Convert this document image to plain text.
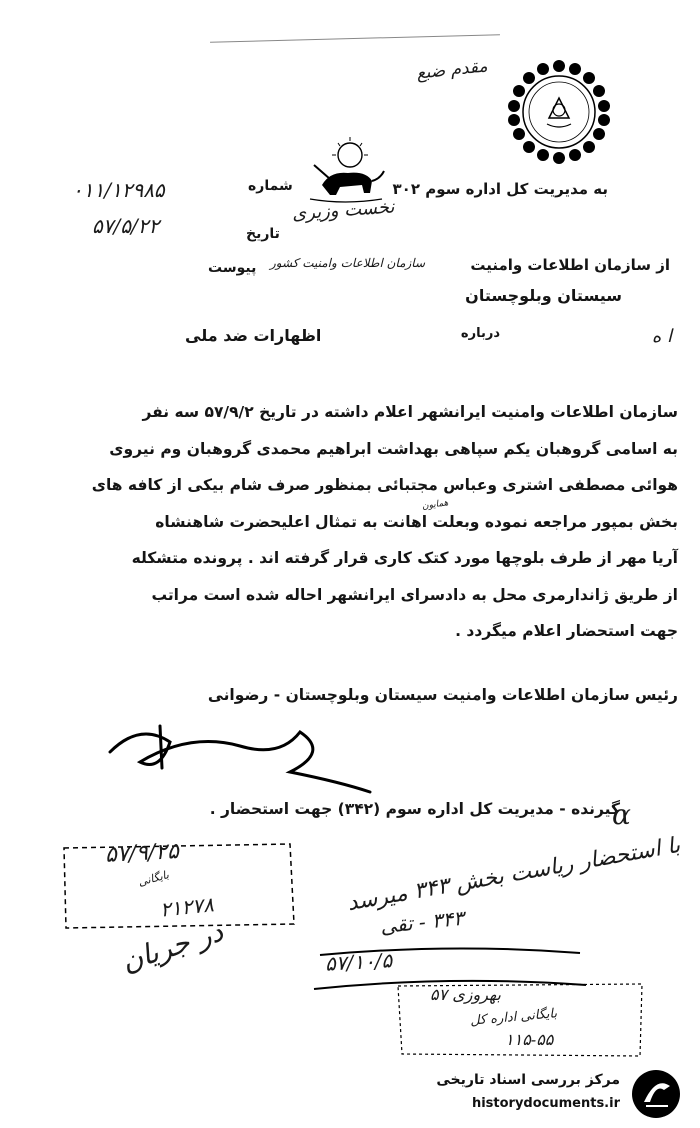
مقدم ضبع
نخست وزیری
به مدیریت کل اداره سوم ۳۰۲
شماره
۰۱۱/۱۲۹۸۵
تاریخ
۵۷/۵/۲۲
پیوست	از سازمان اطلاعات وامنیت
سازمان اطلاعات وامنیت کشور
سیستان وبلوچستان
درباره
اظهارات ضد ملی	ا ه
سازمان اطلاعات وامنیت ایرانشهر اعلام داشته در تاریخ ۵۷/۹/۲ سه نفر
به اسامی گروهبان یکم سپاهی بهداشت ابراهیم محمدی گروهبان وم نیروی
هوائی مصطفی اشتری وعباس مجتبائی بمنظور صرف شام بیکی از کافه های
بخش بمپور مراجعه نموده وبعلت اهانت به تمثال اعلیحضرت شاهنشاه
آریا مهر از طرف بلوچها مورد کتک کاری قرار گرفته اند . پرونده متشکله
از طریق ژاندارمری محل به دادسرای ایرانشهر احاله شده است مراتب
جهت استحضار اعلام میگردد .
همایون
رئیس سازمان اطلاعات وامنیت سیستان وبلوچستان - رضوانی
گیرنده - مدیریت کل اداره سوم (۳۴۲) جهت استحضار .
α
۵۷/۹/۲۵
بایگانی
۲۱۲۷۸	با استحضار ریاست بخش ۳۴۳ میرسد
۳۴۳ - تقی
۵۷/۱۰/۵
در جریان
بهروزی ۵۷
بایگانی اداره کل
۱۱۵-۵۵
مرکز بررسی اسناد تاریخی
historydocuments.ir
